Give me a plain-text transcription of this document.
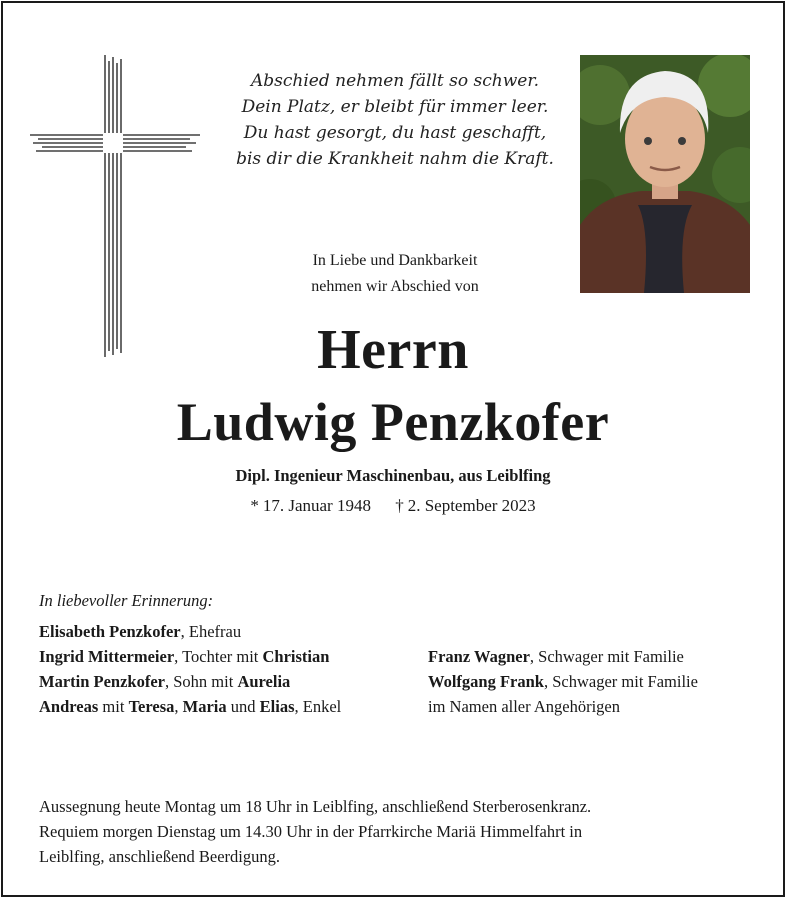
Abschied nehmen fällt so schwer.
Dein Platz, er bleibt für immer leer.
Du hast gesorgt, du hast geschafft,
bis dir die Krankheit nahm die Kraft.
In Liebe und Dankbarkeit
nehmen wir Abschied von
Herrn
Ludwig Penzkofer
Dipl. Ingenieur Maschinenbau, aus Leiblfing
* 17. Januar 1948 † 2. September 2023
In liebevoller Erinnerung:
Elisabeth Penzkofer, Ehefrau
Ingrid Mittermeier, Tochter mit Christian
Martin Penzkofer, Sohn mit Aurelia
Andreas mit Teresa, Maria und Elias, Enkel
Franz Wagner, Schwager mit Familie
Wolfgang Frank, Schwager mit Familie
im Namen aller Angehörigen
Aussegnung heute Montag um 18 Uhr in Leiblfing, anschließend Sterberosenkranz.
Requiem morgen Dienstag um 14.30 Uhr in der Pfarrkirche Mariä Himmelfahrt in
Leiblfing, anschließend Beerdigung.
